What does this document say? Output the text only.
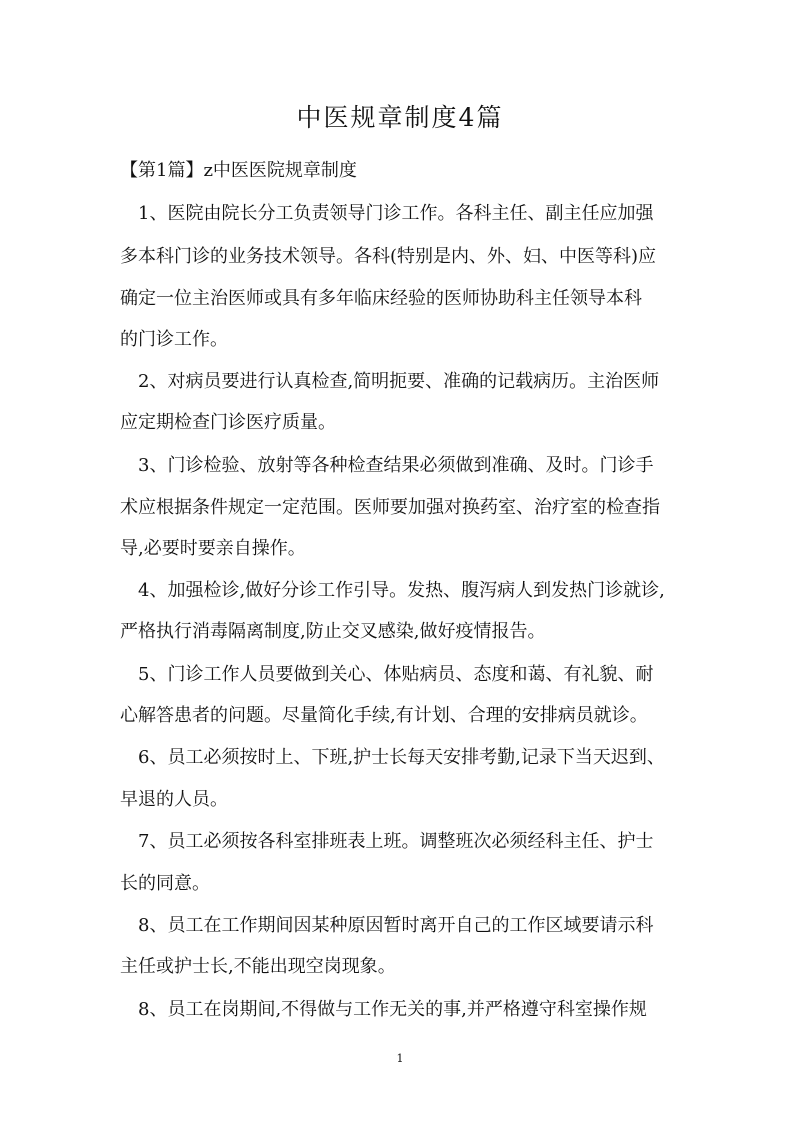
中医规章制度4篇
【第1篇】z中医医院规章制度
1、医院由院长分工负责领导门诊工作。各科主任、副主任应加强
多本科门诊的业务技术领导。各科(特别是内、外、妇、中医等科)应
确定一位主治医师或具有多年临床经验的医师协助科主任领导本科
的门诊工作。
2、对病员要进行认真检查,简明扼要、准确的记载病历。主治医师
应定期检查门诊医疗质量。
3、门诊检验、放射等各种检查结果必须做到准确、及时。门诊手
术应根据条件规定一定范围。医师要加强对换药室、治疗室的检查指
导,必要时要亲自操作。
4、加强检诊,做好分诊工作引导。发热、腹泻病人到发热门诊就诊,
严格执行消毒隔离制度,防止交叉感染,做好疫情报告。
5、门诊工作人员要做到关心、体贴病员、态度和蔼、有礼貌、耐
心解答患者的问题。尽量简化手续,有计划、合理的安排病员就诊。
6、员工必须按时上、下班,护士长每天安排考勤,记录下当天迟到、
早退的人员。
7、员工必须按各科室排班表上班。调整班次必须经科主任、护士
长的同意。
8、员工在工作期间因某种原因暂时离开自己的工作区域要请示科
主任或护士长,不能出现空岗现象。
8、员工在岗期间,不得做与工作无关的事,并严格遵守科室操作规
1
